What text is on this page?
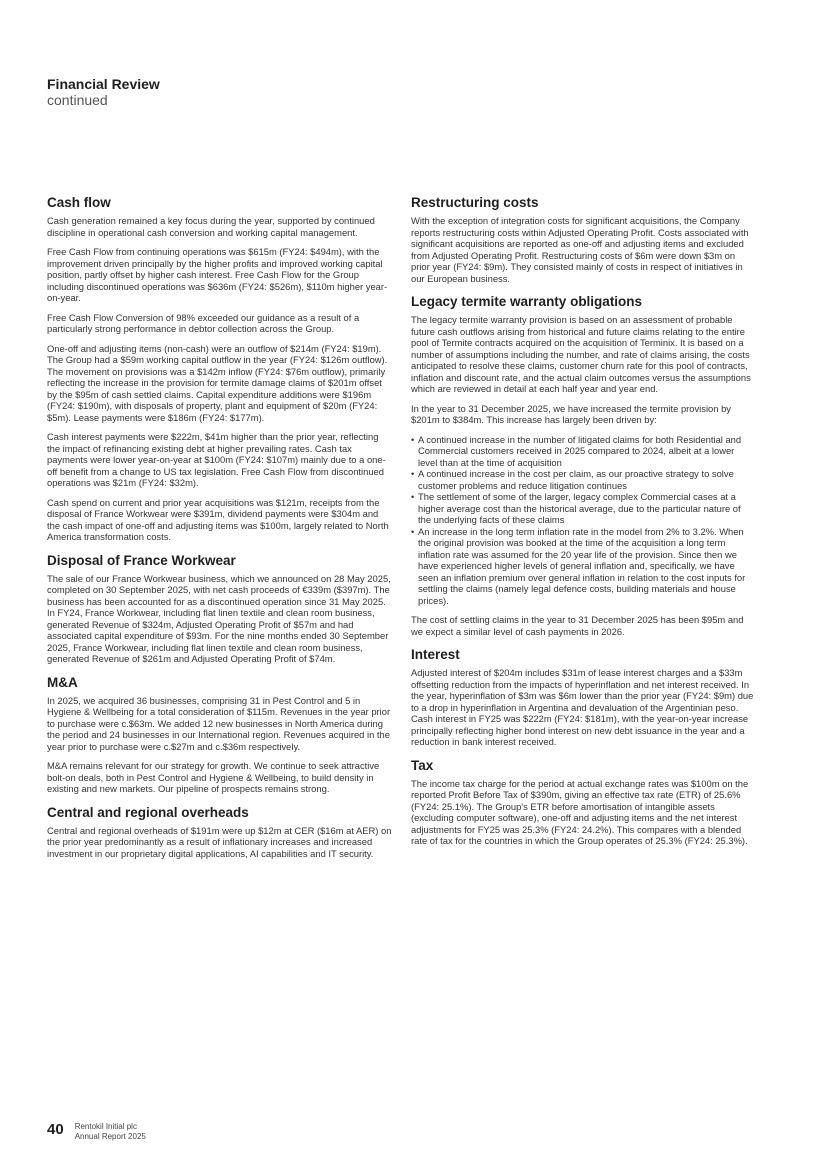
Financial Review
continued
Cash flow

Cash generation remained a key focus during the year, supported by continued discipline in operational cash conversion and working capital management.

Free Cash Flow from continuing operations was $615m (FY24: $494m), with the improvement driven principally by the higher profits and improved working capital position, partly offset by higher cash interest. Free Cash Flow for the Group including discontinued operations was $636m (FY24: $526m), $110m higher year-on-year.

Free Cash Flow Conversion of 98% exceeded our guidance as a result of a particularly strong performance in debtor collection across the Group.

One-off and adjusting items (non-cash) were an outflow of $214m (FY24: $19m). The Group had a $59m working capital outflow in the year (FY24: $126m outflow). The movement on provisions was a $142m inflow (FY24: $76m outflow), primarily reflecting the increase in the provision for termite damage claims of $201m offset by the $95m of cash settled claims. Capital expenditure additions were $196m (FY24: $190m), with disposals of property, plant and equipment of $20m (FY24: $5m). Lease payments were $186m (FY24: $177m).

Cash interest payments were $222m, $41m higher than the prior year, reflecting the impact of refinancing existing debt at higher prevailing rates. Cash tax payments were lower year-on-year at $100m (FY24: $107m) mainly due to a one-off benefit from a change to US tax legislation. Free Cash Flow from discontinued operations was $21m (FY24: $32m).

Cash spend on current and prior year acquisitions was $121m, receipts from the disposal of France Workwear were $391m, dividend payments were $304m and the cash impact of one-off and adjusting items was $100m, largely related to North America transformation costs.

Disposal of France Workwear

The sale of our France Workwear business, which we announced on 28 May 2025, completed on 30 September 2025, with net cash proceeds of €339m ($397m). The business has been accounted for as a discontinued operation since 31 May 2025. In FY24, France Workwear, including flat linen textile and clean room business, generated Revenue of $324m, Adjusted Operating Profit of $57m and had associated capital expenditure of $93m. For the nine months ended 30 September 2025, France Workwear, including flat linen textile and clean room business, generated Revenue of $261m and Adjusted Operating Profit of $74m.

M&A

In 2025, we acquired 36 businesses, comprising 31 in Pest Control and 5 in Hygiene & Wellbeing for a total consideration of $115m. Revenues in the year prior to purchase were c.$63m. We added 12 new businesses in North America during the period and 24 businesses in our International region. Revenues acquired in the year prior to purchase were c.$27m and c.$36m respectively.

M&A remains relevant for our strategy for growth. We continue to seek attractive bolt-on deals, both in Pest Control and Hygiene & Wellbeing, to build density in existing and new markets. Our pipeline of prospects remains strong.

Central and regional overheads

Central and regional overheads of $191m were up $12m at CER ($16m at AER) on the prior year predominantly as a result of inflationary increases and increased investment in our proprietary digital applications, AI capabilities and IT security.

Restructuring costs

With the exception of integration costs for significant acquisitions, the Company reports restructuring costs within Adjusted Operating Profit. Costs associated with significant acquisitions are reported as one-off and adjusting items and excluded from Adjusted Operating Profit. Restructuring costs of $6m were down $3m on prior year (FY24: $9m). They consisted mainly of costs in respect of initiatives in our European business.

Legacy termite warranty obligations

The legacy termite warranty provision is based on an assessment of probable future cash outflows arising from historical and future claims relating to the entire pool of Termite contracts acquired on the acquisition of Terminix. It is based on a number of assumptions including the number, and rate of claims arising, the costs anticipated to resolve these claims, customer churn rate for this pool of contracts, inflation and discount rate, and the actual claim outcomes versus the assumptions which are reviewed in detail at each half year and year end.

In the year to 31 December 2025, we have increased the termite provision by $201m to $384m. This increase has largely been driven by:

• A continued increase in the number of litigated claims for both Residential and Commercial customers received in 2025 compared to 2024, albeit at a lower level than at the time of acquisition
• A continued increase in the cost per claim, as our proactive strategy to solve customer problems and reduce litigation continues
• The settlement of some of the larger, legacy complex Commercial cases at a higher average cost than the historical average, due to the particular nature of the underlying facts of these claims
• An increase in the long term inflation rate in the model from 2% to 3.2%. When the original provision was booked at the time of the acquisition a long term inflation rate was assumed for the 20 year life of the provision. Since then we have experienced higher levels of general inflation and, specifically, we have seen an inflation premium over general inflation in relation to the cost inputs for settling the claims (namely legal defence costs, building materials and house prices).

The cost of settling claims in the year to 31 December 2025 has been $95m and we expect a similar level of cash payments in 2026.

Interest

Adjusted interest of $204m includes $31m of lease interest charges and a $33m offsetting reduction from the impacts of hyperinflation and net interest received. In the year, hyperinflation of $3m was $6m lower than the prior year (FY24: $9m) due to a drop in hyperinflation in Argentina and devaluation of the Argentinian peso. Cash interest in FY25 was $222m (FY24: $181m), with the year-on-year increase principally reflecting higher bond interest on new debt issuance in the year and a reduction in bank interest received.

Tax

The income tax charge for the period at actual exchange rates was $100m on the reported Profit Before Tax of $390m, giving an effective tax rate (ETR) of 25.6% (FY24: 25.1%). The Group's ETR before amortisation of intangible assets (excluding computer software), one-off and adjusting items and the net interest adjustments for FY25 was 25.3% (FY24: 24.2%). This compares with a blended rate of tax for the countries in which the Group operates of 25.3% (FY24: 25.3%).

40 Rentokil Initial plc
Annual Report 2025
